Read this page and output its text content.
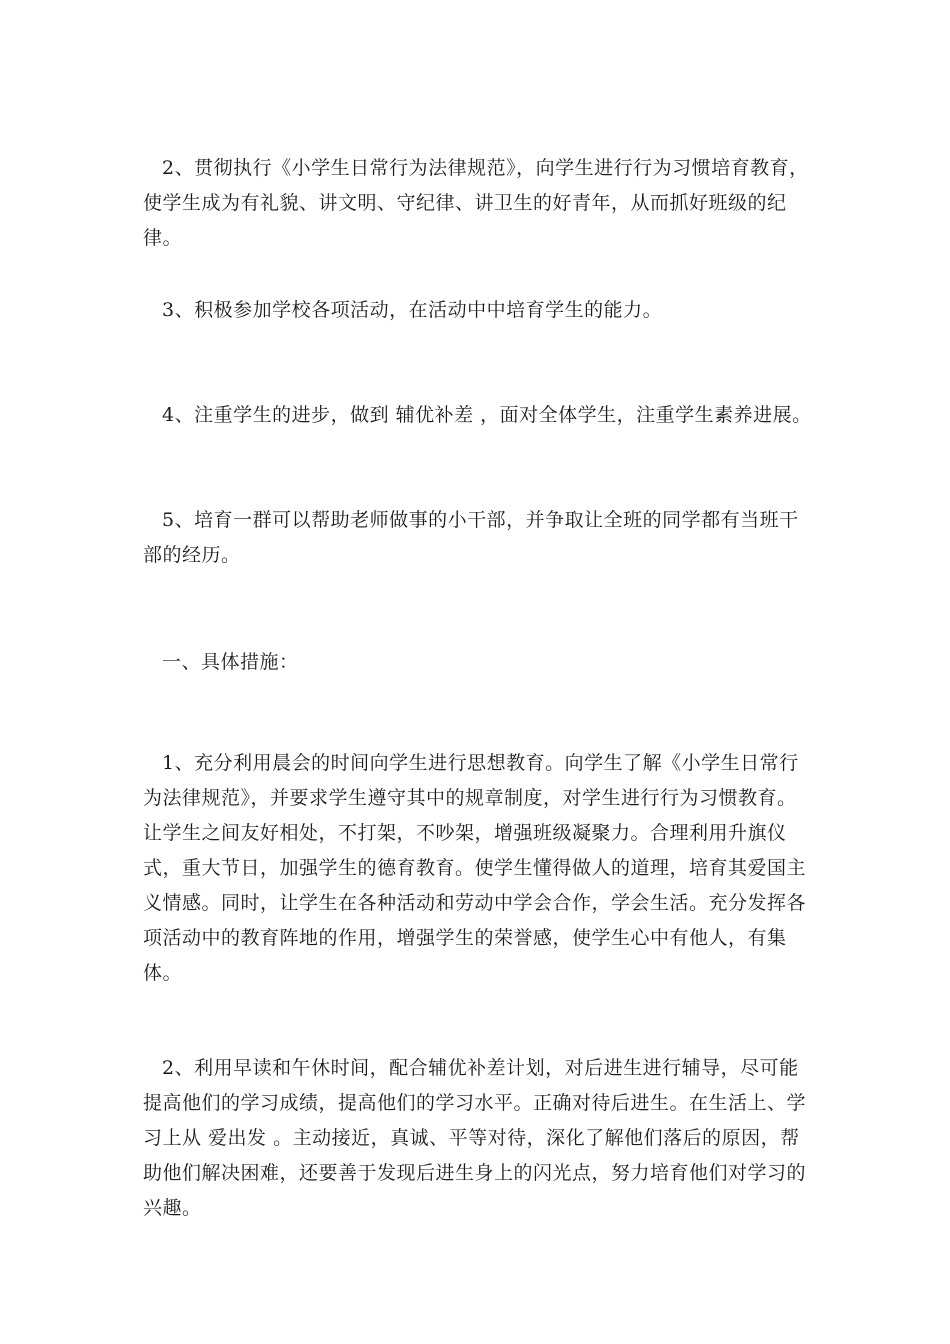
2、贯彻执行《小学生日常行为法律规范》，向学生进行行为习惯培育教育，使学生成为有礼貌、讲文明、守纪律、讲卫生的好青年，从而抓好班级的纪律。

3、积极参加学校各项活动，在活动中中培育学生的能力。

4、注重学生的进步，做到 辅优补差 ，面对全体学生，注重学生素养进展。

5、培育一群可以帮助老师做事的小干部，并争取让全班的同学都有当班干部的经历。

一、具体措施：

1、充分利用晨会的时间向学生进行思想教育。向学生了解《小学生日常行为法律规范》，并要求学生遵守其中的规章制度，对学生进行行为习惯教育。让学生之间友好相处，不打架，不吵架，增强班级凝聚力。合理利用升旗仪式，重大节日，加强学生的德育教育。使学生懂得做人的道理，培育其爱国主义情感。同时，让学生在各种活动和劳动中学会合作，学会生活。充分发挥各项活动中的教育阵地的作用，增强学生的荣誉感，使学生心中有他人，有集体。

2、利用早读和午休时间，配合辅优补差计划，对后进生进行辅导，尽可能提高他们的学习成绩，提高他们的学习水平。正确对待后进生。在生活上、学习上从 爱出发 。主动接近，真诚、平等对待，深化了解他们落后的原因，帮助他们解决困难，还要善于发现后进生身上的闪光点，努力培育他们对学习的兴趣。
